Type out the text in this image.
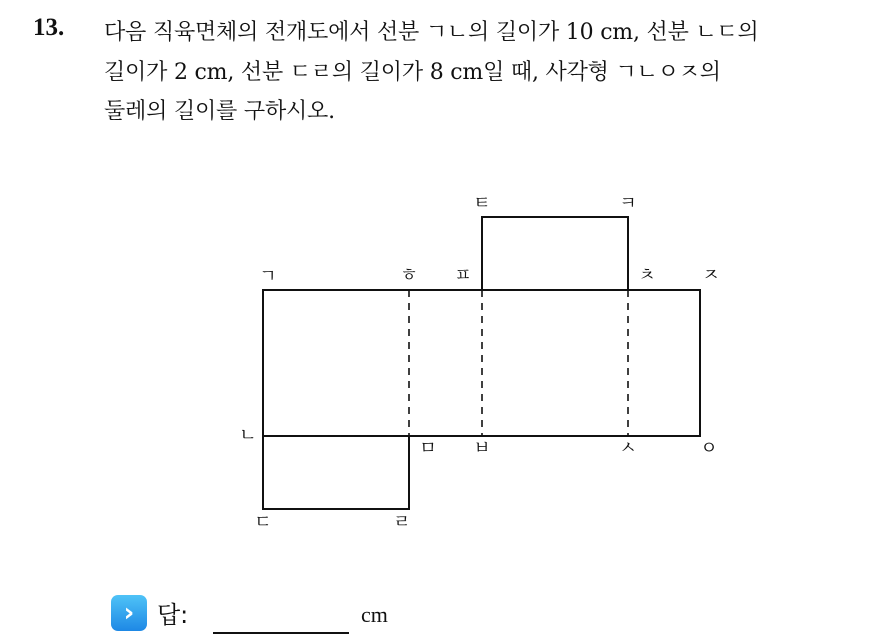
13. 다음 직육면체의 전개도에서 선분 ㄱㄴ의 길이가 10 cm, 선분 ㄴㄷ의
길이가 2 cm, 선분 ㄷㄹ의 길이가 8 cm일 때, 사각형 ㄱㄴㅇㅈ의
둘레의 길이를 구하시오.
ㄱ
ㄴ
ㄷ	ㄹ
ㅁ ㅂ	ㅅ	ㅇ
ㅈ
ㅊ
ㅋ
ㅌ
ㅍ
ㅎ
› 답:	cm
